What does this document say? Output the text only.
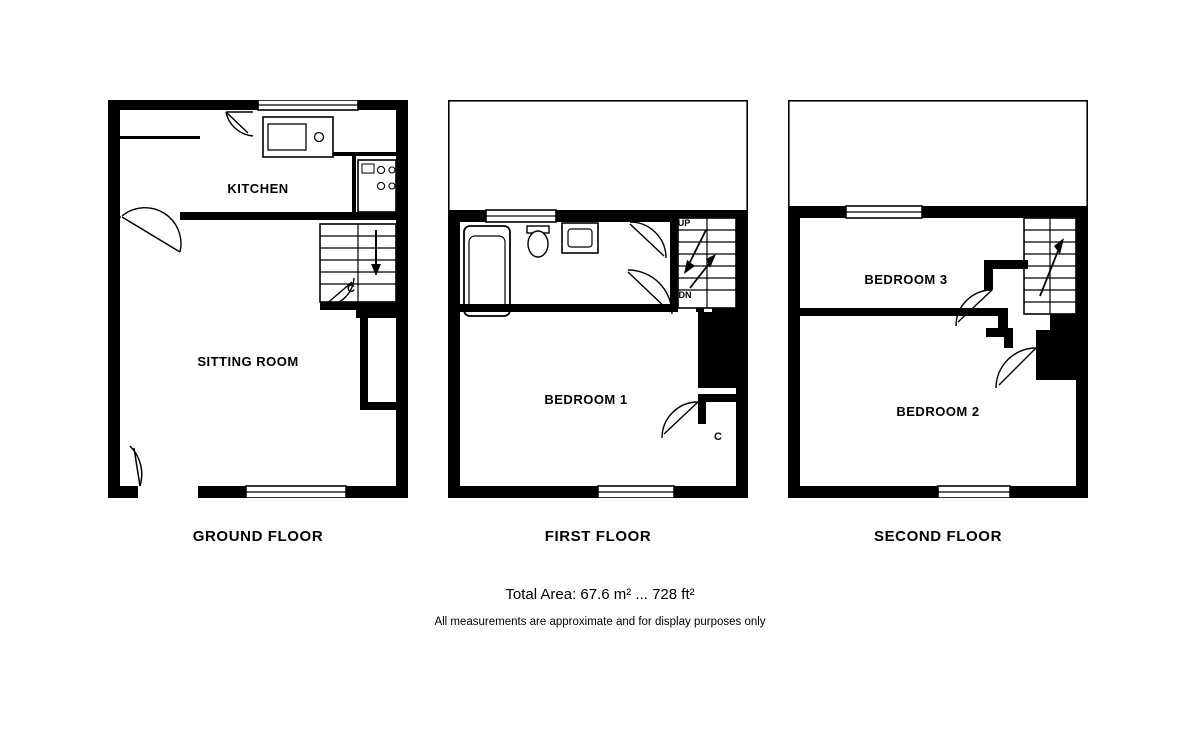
KITCHEN
C
SITTING ROOM
UP
DN
BEDROOM 1
C
BEDROOM 3
BEDROOM 2
GROUND FLOOR	FIRST FLOOR	SECOND FLOOR
Total Area: 67.6 m² ... 728 ft²
All measurements are approximate and for display purposes only
